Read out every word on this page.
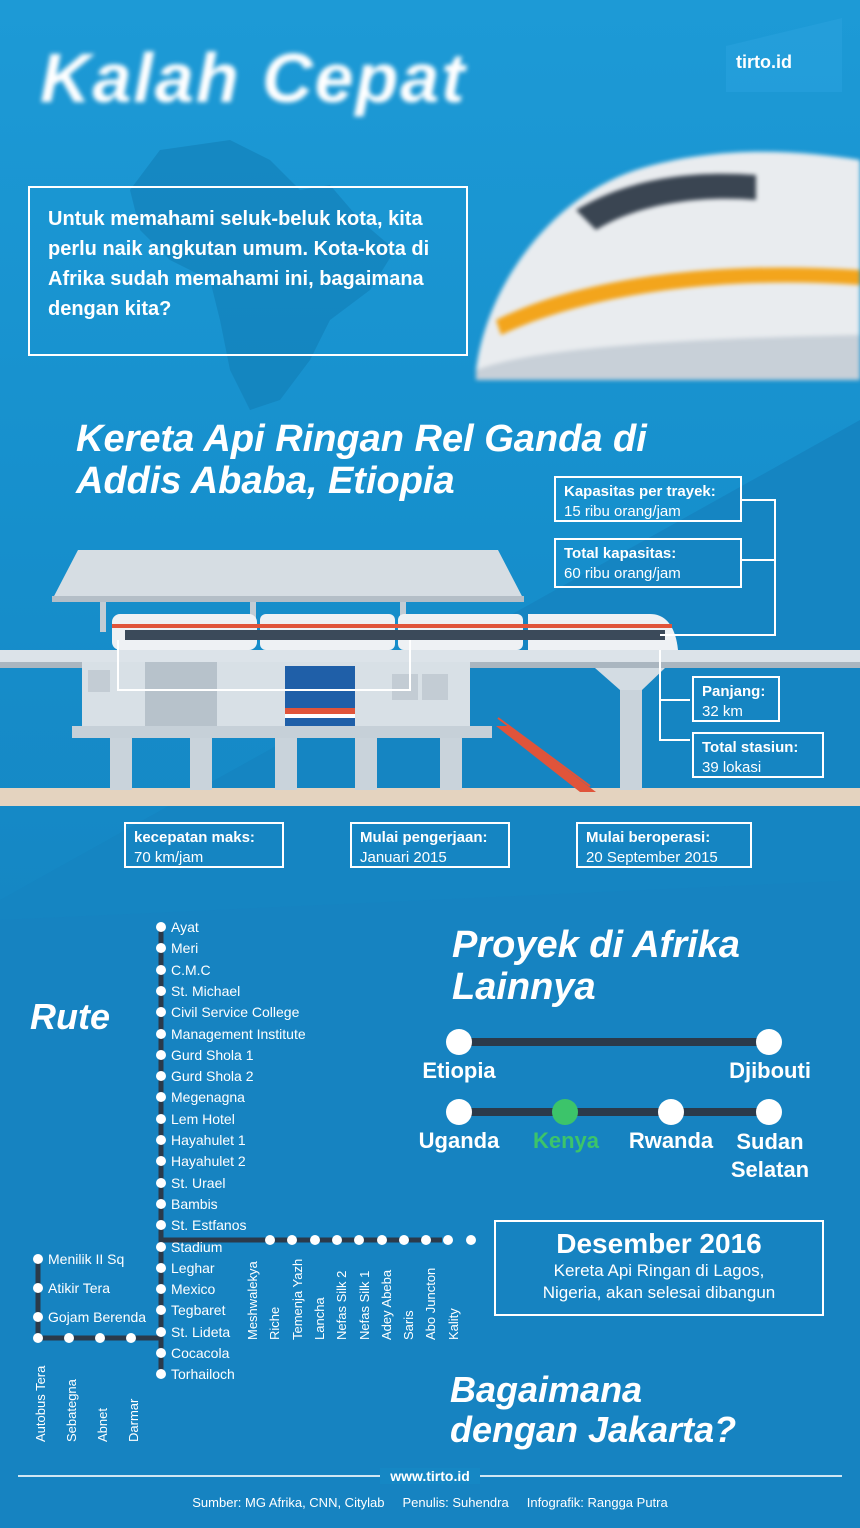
Kalah Cepat	tirto.id
Untuk memahami seluk-beluk kota, kita perlu naik angkutan umum. Kota-kota di Afrika sudah memahami ini, bagaimana dengan kita?
Kereta Api Ringan Rel Ganda di
Addis Ababa, Etiopia	Kapasitas per trayek:
15 ribu orang/jam
Total kapasitas:
60 ribu orang/jam
Panjang:
32 km
Total stasiun:
39 lokasi
kecepatan maks:
70 km/jam
Mulai pengerjaan:
Januari 2015
Mulai beroperasi:
20 September 2015
Rute
Ayat
Meri
C.M.C
St. Michael
Civil Service College
Management Institute
Gurd Shola 1
Gurd Shola 2
Megenagna
Lem Hotel
Hayahulet 1
Hayahulet 2
St. Urael
Bambis
St. Estfanos
Stadium
Leghar
Mexico
Tegbaret
St. Lideta
Cocacola
Torhailoch
Meshwalekya Riche Temenja Yazh Lancha Nefas Silk 2 Nefas Silk 1 Adey Abeba Saris Abo Juncton Kality
Menilik II Sq
Atikir Tera
Gojam Berenda
Autobus Tera Sebategna Abnet Darmar
Proyek di Afrika
Lainnya
Etiopia	Djibouti
Uganda	Kenya	Rwanda	Sudan Selatan
Desember 2016
Kereta Api Ringan di Lagos,
Nigeria, akan selesai dibangun
Bagaimana
dengan Jakarta?
www.tirto.id
Sumber: MG Afrika, CNN, Citylab Penulis: Suhendra Infografik: Rangga Putra
